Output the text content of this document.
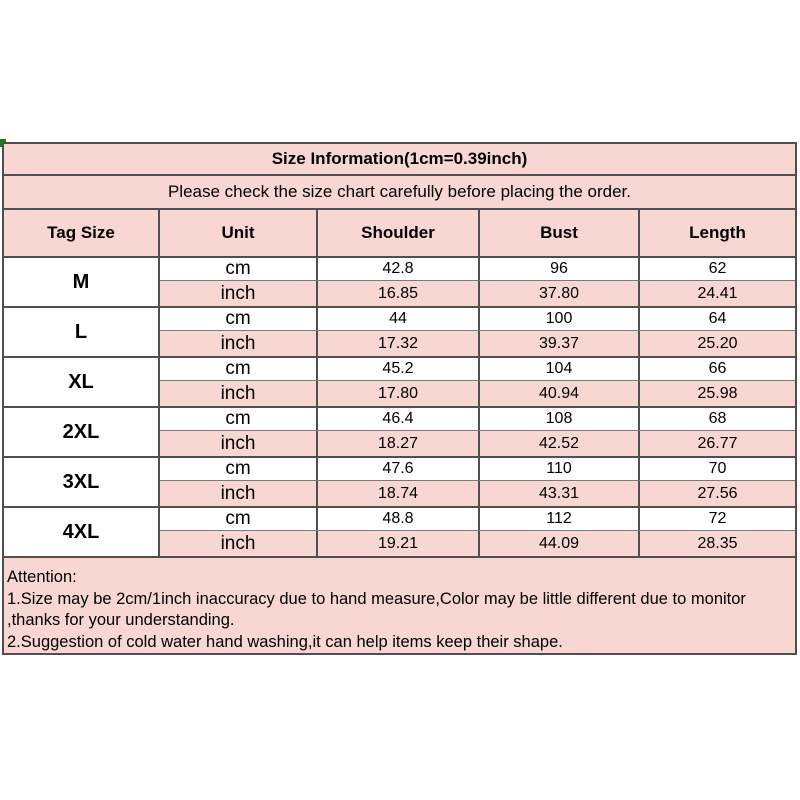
Size Information(1cm=0.39inch)
Please check the size chart carefully before placing the order.
Tag Size	Unit	Shoulder	Bust	Length
M
cm	42.8	96	62
inch	16.85	37.80	24.41
L
cm	44	100	64
inch	17.32	39.37	25.20
XL
cm	45.2	104	66
inch	17.80	40.94	25.98
2XL
cm	46.4	108	68
inch	18.27	42.52	26.77
3XL
cm	47.6	110	70
inch	18.74	43.31	27.56
4XL
cm	48.8	112	72
inch	19.21	44.09	28.35
Attention:
1.Size may be 2cm/1inch inaccuracy due to hand measure,Color may be little different due to monitor
,thanks for your understanding.
2.Suggestion of cold water hand washing,it can help items keep their shape.
